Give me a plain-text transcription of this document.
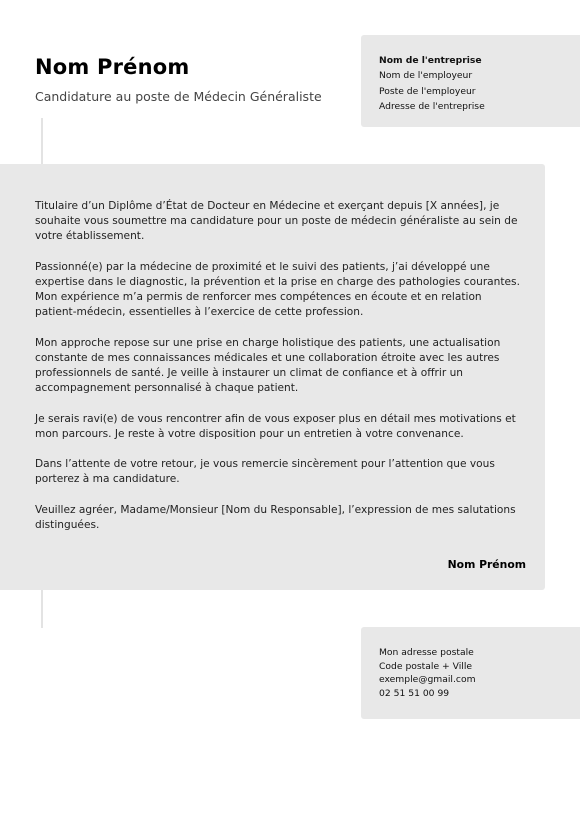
Nom Prénom

Candidature au poste de Médecin Généraliste

Nom de l'entreprise
Nom de l'employeur
Poste de l'employeur
Adresse de l'entreprise

Titulaire d’un Diplôme d’État de Docteur en Médecine et exerçant depuis [X années], je souhaite vous soumettre ma candidature pour un poste de médecin généraliste au sein de votre établissement.

Passionné(e) par la médecine de proximité et le suivi des patients, j’ai développé une expertise dans le diagnostic, la prévention et la prise en charge des pathologies courantes. Mon expérience m’a permis de renforcer mes compétences en écoute et en relation patient-médecin, essentielles à l’exercice de cette profession.

Mon approche repose sur une prise en charge holistique des patients, une actualisation constante de mes connaissances médicales et une collaboration étroite avec les autres professionnels de santé. Je veille à instaurer un climat de confiance et à offrir un accompagnement personnalisé à chaque patient.

Je serais ravi(e) de vous rencontrer afin de vous exposer plus en détail mes motivations et mon parcours. Je reste à votre disposition pour un entretien à votre convenance.

Dans l’attente de votre retour, je vous remercie sincèrement pour l’attention que vous porterez à ma candidature.

Veuillez agréer, Madame/Monsieur [Nom du Responsable], l’expression de mes salutations distinguées.

Nom Prénom
Mon adresse postale
Code postale + Ville
exemple@gmail.com
02 51 51 00 99
